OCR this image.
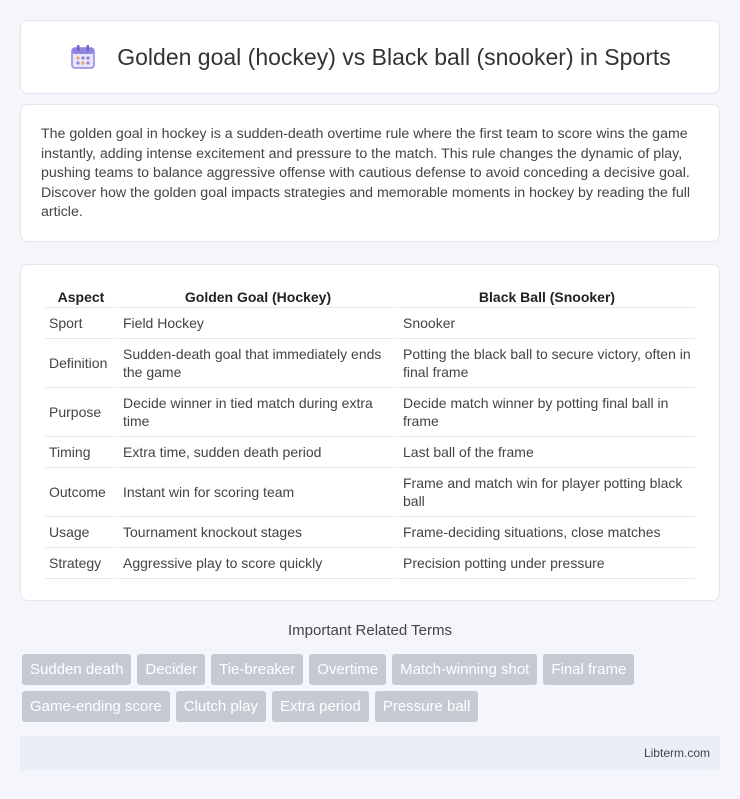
Golden goal (hockey) vs Black ball (snooker) in Sports

The golden goal in hockey is a sudden-death overtime rule where the first team to score wins the game instantly, adding intense excitement and pressure to the match. This rule changes the dynamic of play, pushing teams to balance aggressive offense with cautious defense to avoid conceding a decisive goal. Discover how the golden goal impacts strategies and memorable moments in hockey by reading the full article.

Aspect	Golden Goal (Hockey)	Black Ball (Snooker)
Sport	Field Hockey	Snooker
Definition	Sudden-death goal that immediately ends the game	Potting the black ball to secure victory, often in final frame
Purpose	Decide winner in tied match during extra time	Decide match winner by potting final ball in frame
Timing	Extra time, sudden death period	Last ball of the frame
Outcome	Instant win for scoring team	Frame and match win for player potting black ball
Usage	Tournament knockout stages	Frame-deciding situations, close matches
Strategy	Aggressive play to score quickly	Precision potting under pressure
Important Related Terms
Sudden death	Decider	Tie-breaker	Overtime	Match-winning shot	Final frame
Game-ending score	Clutch play	Extra period	Pressure ball
Libterm.com
